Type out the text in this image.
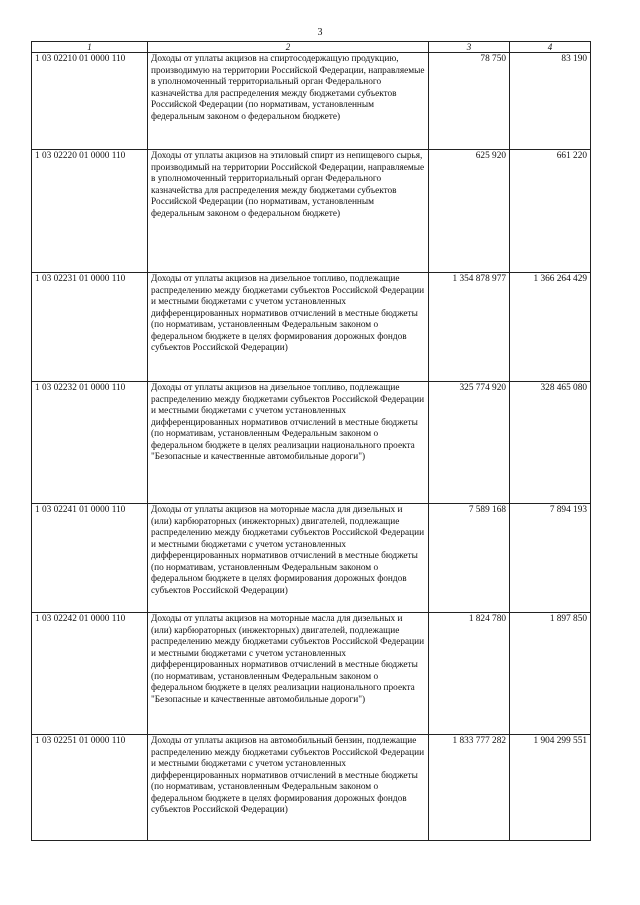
3
1	2	3	4
1 03 02210 01 0000 110	Доходы от уплаты акцизов на спиртосодержащую продукцию, производимую на территории Российской Федерации, направляемые в уполномоченный территориальный орган Федерального казначейства для распределения между бюджетами субъектов Российской Федерации (по нормативам, установленным федеральным законом о федеральном бюджете)	78 750	83 190
1 03 02220 01 0000 110	Доходы от уплаты акцизов на этиловый спирт из непищевого сырья, производимый на территории Российской Федерации, направляемые в уполномоченный территориальный орган Федерального казначейства для распределения между бюджетами субъектов Российской Федерации (по нормативам, установленным федеральным законом о федеральном бюджете)	625 920	661 220
1 03 02231 01 0000 110	Доходы от уплаты акцизов на дизельное топливо, подлежащие распределению между бюджетами субъектов Российской Федерации и местными бюджетами с учетом установленных дифференцированных нормативов отчислений в местные бюджеты (по нормативам, установленным Федеральным законом о федеральном бюджете в целях формирования дорожных фондов субъектов Российской Федерации)	1 354 878 977	1 366 264 429
1 03 02232 01 0000 110	Доходы от уплаты акцизов на дизельное топливо, подлежащие распределению между бюджетами субъектов Российской Федерации и местными бюджетами с учетом установленных дифференцированных нормативов отчислений в местные бюджеты (по нормативам, установленным Федеральным законом о федеральном бюджете в целях реализации национального проекта "Безопасные и качественные автомобильные дороги")	325 774 920	328 465 080
1 03 02241 01 0000 110	Доходы от уплаты акцизов на моторные масла для дизельных и (или) карбюраторных (инжекторных) двигателей, подлежащие распределению между бюджетами субъектов Российской Федерации и местными бюджетами с учетом установленных дифференцированных нормативов отчислений в местные бюджеты (по нормативам, установленным Федеральным законом о федеральном бюджете в целях формирования дорожных фондов субъектов Российской Федерации)	7 589 168	7 894 193
1 03 02242 01 0000 110	Доходы от уплаты акцизов на моторные масла для дизельных и (или) карбюраторных (инжекторных) двигателей, подлежащие распределению между бюджетами субъектов Российской Федерации и местными бюджетами с учетом установленных дифференцированных нормативов отчислений в местные бюджеты (по нормативам, установленным Федеральным законом о федеральном бюджете в целях реализации национального проекта "Безопасные и качественные автомобильные дороги")	1 824 780	1 897 850
1 03 02251 01 0000 110	Доходы от уплаты акцизов на автомобильный бензин, подлежащие распределению между бюджетами субъектов Российской Федерации и местными бюджетами с учетом установленных дифференцированных нормативов отчислений в местные бюджеты (по нормативам, установленным Федеральным законом о федеральном бюджете в целях формирования дорожных фондов субъектов Российской Федерации)	1 833 777 282	1 904 299 551
